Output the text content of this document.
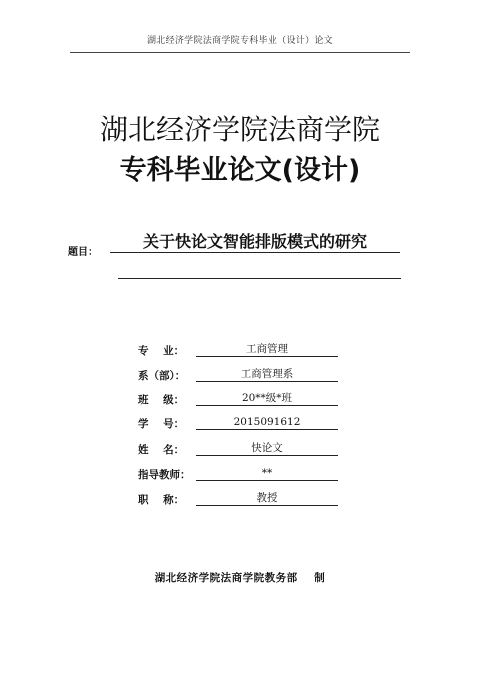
湖北经济学院法商学院专科毕业（设计）论文
湖北经济学院法商学院
专科毕业论文(设计)
题目：
关于快论文智能排版模式的研究
专    业：	工商管理
系（部）：	工商管理系
班    级：	20**级*班
学    号：	2015091612
姓    名：	快论文
指导教师：	**
职    称：	教授
湖北经济学院法商学院教务部    制
